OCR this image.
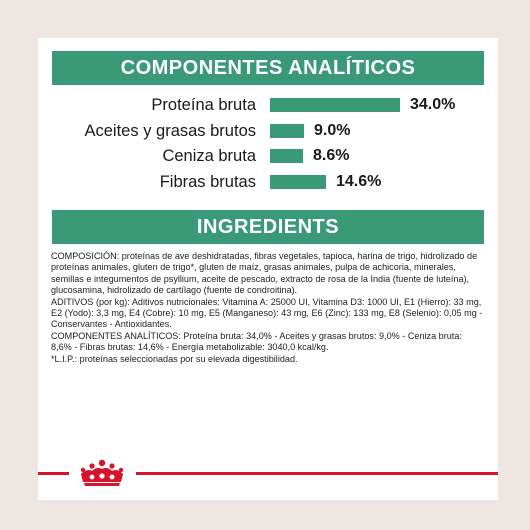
COMPONENTES ANALÍTICOS
Proteína bruta	34.0%
Aceites y grasas brutos	9.0%
Ceniza bruta	8.6%
Fibras brutas	14.6%
INGREDIENTS

COMPOSICIÓN: proteínas de ave deshidratadas, fibras vegetales, tapioca, harina de trigo, hidrolizado de proteínas animales, gluten de trigo*, gluten de maíz, grasas animales, pulpa de achicoria, minerales, semillas e integumentos de psyllium, aceite de pescado, extracto de rosa de la India (fuente de luteína), glucosamina, hidrolizado de cartílago (fuente de condroitina).

ADITIVOS (por kg): Aditivos nutricionales: Vitamina A: 25000 UI, Vitamina D3: 1000 UI, E1 (Hierro): 33 mg, E2 (Yodo): 3,3 mg, E4 (Cobre): 10 mg, E5 (Manganeso): 43 mg, E6 (Zinc): 133 mg, E8 (Selenio): 0,05 mg - Conservantes - Antioxidantes.

COMPONENTES ANALÍTICOS: Proteína bruta: 34,0% - Aceites y grasas brutos: 9,0% - Ceniza bruta: 8,6% - Fibras brutas: 14,6% - Energía metabolizable: 3040,0 kcal/kg.

*L.I.P.: proteínas seleccionadas por su elevada digestibilidad.
